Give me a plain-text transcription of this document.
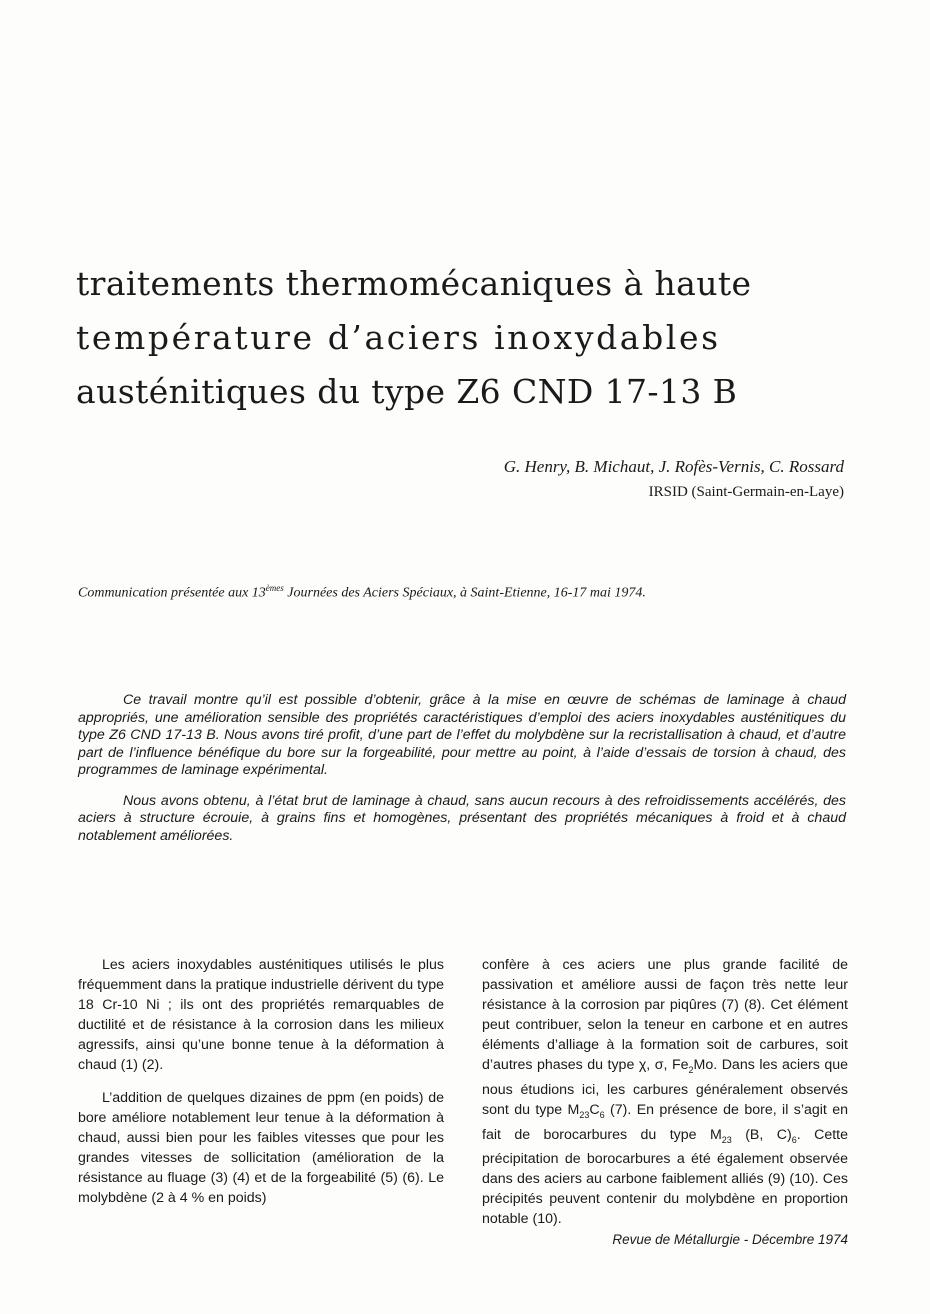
traitements thermomécaniques à haute
température d’aciers inoxydables
austénitiques du type Z6 CND 17-13 B
G. Henry, B. Michaut, J. Rofès-Vernis, C. Rossard
IRSID (Saint-Germain-en-Laye)
Communication présentée aux 13èmes Journées des Aciers Spéciaux, à Saint-Etienne, 16-17 mai 1974.

Ce travail montre qu’il est possible d’obtenir, grâce à la mise en œuvre de schémas de laminage à chaud appropriés, une amélioration sensible des propriétés caractéristiques d’emploi des aciers inoxydables austénitiques du type Z6 CND 17-13 B. Nous avons tiré profit, d’une part de l’effet du molybdène sur la recristallisation à chaud, et d’autre part de l’influence bénéfique du bore sur la forgeabilité, pour mettre au point, à l’aide d’essais de torsion à chaud, des programmes de laminage expérimental.

Nous avons obtenu, à l’état brut de laminage à chaud, sans aucun recours à des refroidissements accélérés, des aciers à structure écrouie, à grains fins et homogènes, présentant des propriétés mécaniques à froid et à chaud notablement améliorées.

Les aciers inoxydables austénitiques utilisés le plus fréquemment dans la pratique industrielle dérivent du type 18 Cr-10 Ni ; ils ont des propriétés remarquables de ductilité et de résistance à la corrosion dans les milieux agressifs, ainsi qu’une bonne tenue à la déformation à chaud (1) (2).

L’addition de quelques dizaines de ppm (en poids) de bore améliore notablement leur tenue à la déformation à chaud, aussi bien pour les faibles vitesses que pour les grandes vitesses de sollicitation (amélioration de la résistance au fluage (3) (4) et de la forgeabilité (5) (6). Le molybdène (2 à 4 % en poids)

confère à ces aciers une plus grande facilité de passivation et améliore aussi de façon très nette leur résistance à la corrosion par piqûres (7) (8). Cet élément peut contribuer, selon la teneur en carbone et en autres éléments d’alliage à la formation soit de carbures, soit d’autres phases du type χ, σ, $Fe_2Mo$. Dans les aciers que nous étudions ici, les carbures généralement observés sont du type $M_{23}C_6$ (7). En présence de bore, il s’agit en fait de borocarbures du type $M_{23}$ (B, $C)_6$. Cette précipitation de borocarbures a été également observée dans des aciers au carbone faiblement alliés (9) (10). Ces précipités peuvent contenir du molybdène en proportion notable (10).

Revue de Métallurgie - Décembre 1974
